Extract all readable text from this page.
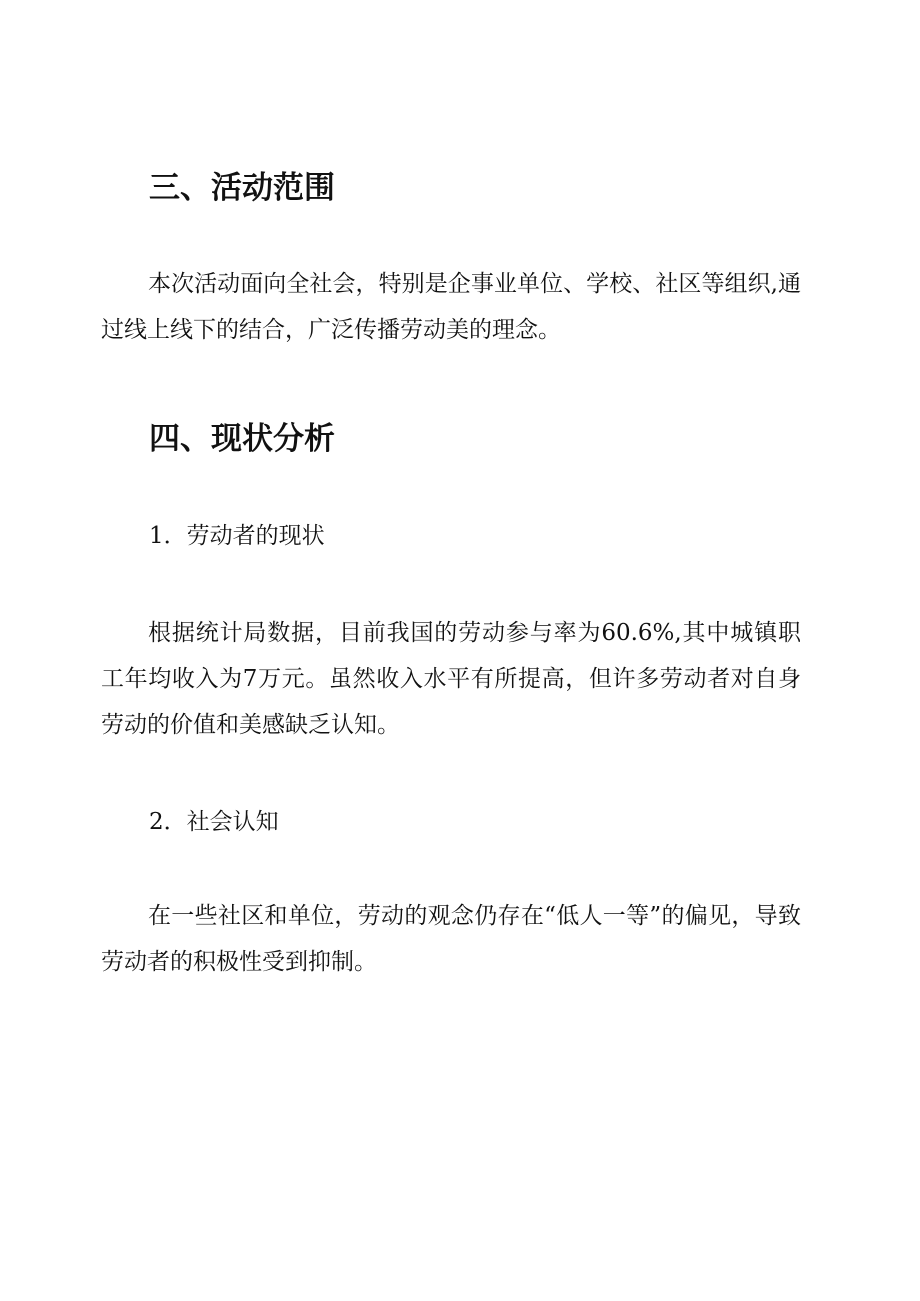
三、活动范围

本次活动面向全社会，特别是企事业单位、学校、社区等组织,通过线上线下的结合，广泛传播劳动美的理念。

四、现状分析

1．劳动者的现状

根据统计局数据，目前我国的劳动参与率为60.6%,其中城镇职工年均收入为7万元。虽然收入水平有所提高，但许多劳动者对自身劳动的价值和美感缺乏认知。

2．社会认知

在一些社区和单位，劳动的观念仍存在“低人一等”的偏见，导致劳动者的积极性受到抑制。
